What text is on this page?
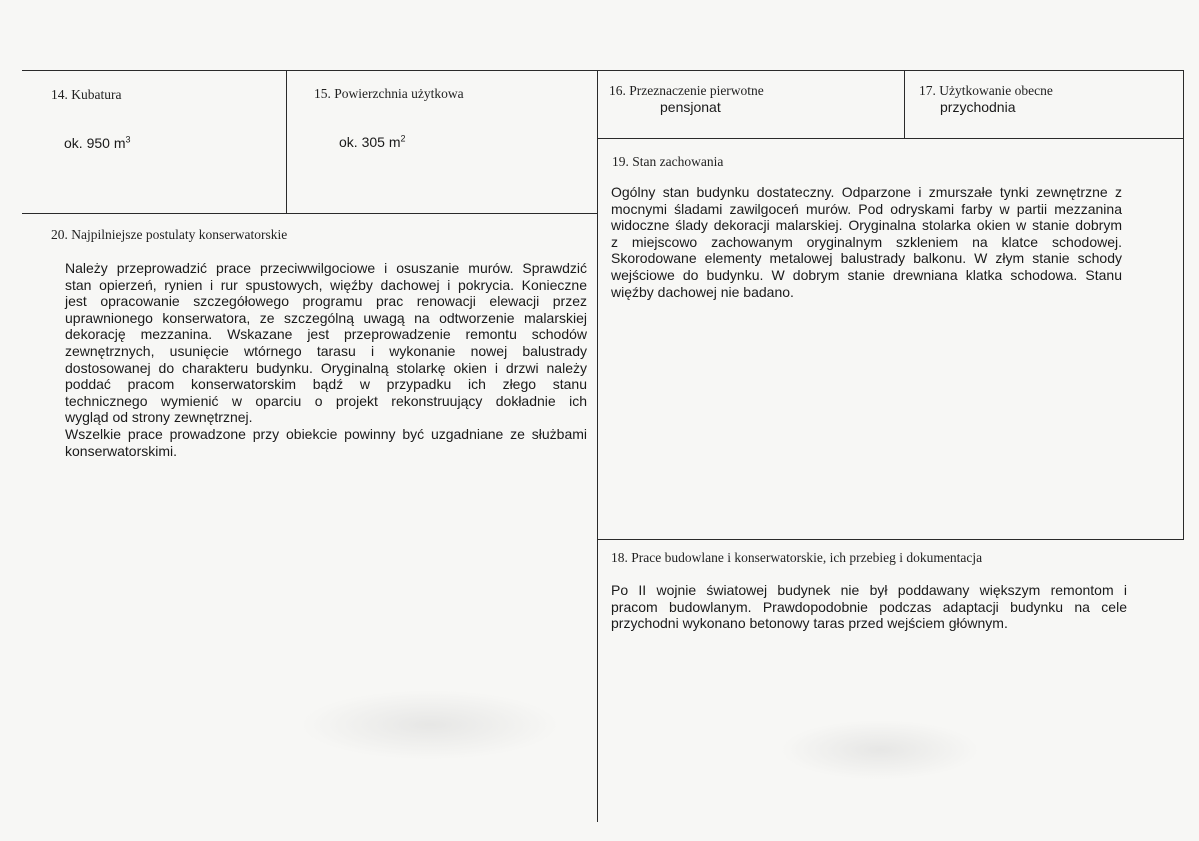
14. Kubatura
ok. 950 $m^3$
15. Powierzchnia użytkowa
ok. 305 $m^2$
16. Przeznaczenie pierwotne
pensjonat
17. Użytkowanie obecne
przychodnia
19. Stan zachowania
Ogólny stan budynku dostateczny. Odparzone i zmurszałe tynki zewnętrzne z
mocnymi śladami zawilgoceń murów. Pod odryskami farby w partii mezzanina
widoczne ślady dekoracji malarskiej. Oryginalna stolarka okien w stanie dobrym
z miejscowo zachowanym oryginalnym szkleniem na klatce schodowej.
Skorodowane elementy metalowej balustrady balkonu. W złym stanie schody
wejściowe do budynku. W dobrym stanie drewniana klatka schodowa. Stanu
więźby dachowej nie badano.
20. Najpilniejsze postulaty konserwatorskie
Należy przeprowadzić prace przeciwwilgociowe i osuszanie murów. Sprawdzić
stan opierzeń, rynien i rur spustowych, więźby dachowej i pokrycia. Konieczne
jest opracowanie szczegółowego programu prac renowacji elewacji przez
uprawnionego konserwatora, ze szczególną uwagą na odtworzenie malarskiej
dekorację mezzanina. Wskazane jest przeprowadzenie remontu schodów
zewnętrznych, usunięcie wtórnego tarasu i wykonanie nowej balustrady
dostosowanej do charakteru budynku. Oryginalną stolarkę okien i drzwi należy
poddać pracom konserwatorskim bądź w przypadku ich złego stanu
technicznego wymienić w oparciu o projekt rekonstruujący dokładnie ich
wygląd od strony zewnętrznej.
Wszelkie prace prowadzone przy obiekcie powinny być uzgadniane ze służbami
konserwatorskimi.
18. Prace budowlane i konserwatorskie, ich przebieg i dokumentacja
Po II wojnie światowej budynek nie był poddawany większym remontom i
pracom budowlanym. Prawdopodobnie podczas adaptacji budynku na cele
przychodni wykonano betonowy taras przed wejściem głównym.
